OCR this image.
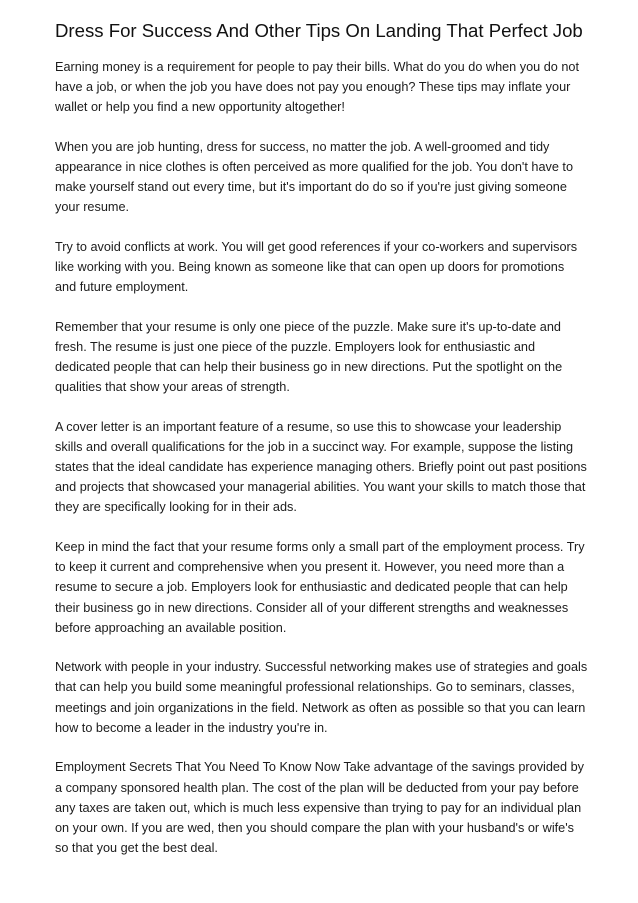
Dress For Success And Other Tips On Landing That Perfect Job

Earning money is a requirement for people to pay their bills. What do you do when you do not have a job, or when the job you have does not pay you enough? These tips may inflate your wallet or help you find a new opportunity altogether!

When you are job hunting, dress for success, no matter the job. A well-groomed and tidy appearance in nice clothes is often perceived as more qualified for the job. You don't have to make yourself stand out every time, but it's important do do so if you're just giving someone your resume.

Try to avoid conflicts at work. You will get good references if your co-workers and supervisors like working with you. Being known as someone like that can open up doors for promotions and future employment.

Remember that your resume is only one piece of the puzzle. Make sure it's up-to-date and fresh. The resume is just one piece of the puzzle. Employers look for enthusiastic and dedicated people that can help their business go in new directions. Put the spotlight on the qualities that show your areas of strength.

A cover letter is an important feature of a resume, so use this to showcase your leadership skills and overall qualifications for the job in a succinct way. For example, suppose the listing states that the ideal candidate has experience managing others. Briefly point out past positions and projects that showcased your managerial abilities. You want your skills to match those that they are specifically looking for in their ads.

Keep in mind the fact that your resume forms only a small part of the employment process. Try to keep it current and comprehensive when you present it. However, you need more than a resume to secure a job. Employers look for enthusiastic and dedicated people that can help their business go in new directions. Consider all of your different strengths and weaknesses before approaching an available position.

Network with people in your industry. Successful networking makes use of strategies and goals that can help you build some meaningful professional relationships. Go to seminars, classes, meetings and join organizations in the field. Network as often as possible so that you can learn how to become a leader in the industry you're in.

Employment Secrets That You Need To Know Now Take advantage of the savings provided by a company sponsored health plan. The cost of the plan will be deducted from your pay before any taxes are taken out, which is much less expensive than trying to pay for an individual plan on your own. If you are wed, then you should compare the plan with your husband's or wife's so that you get the best deal.
